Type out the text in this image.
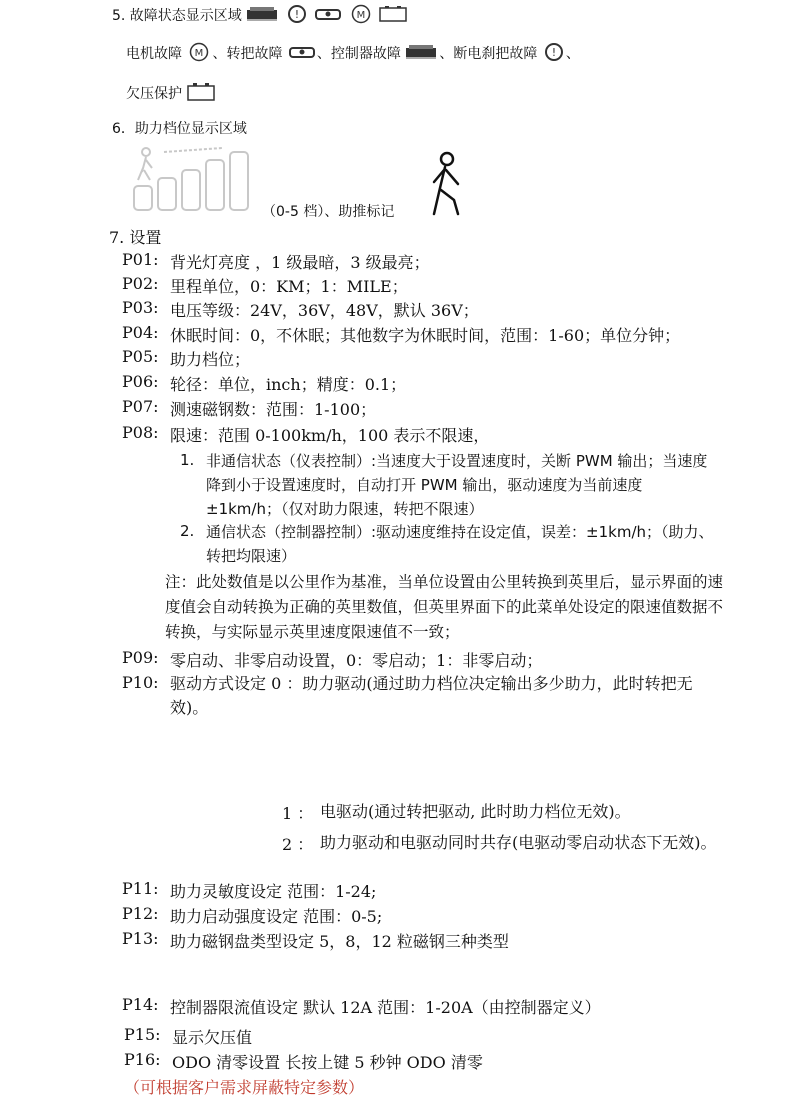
5. 故障状态显示区域	!
	M

电机故障 M 、转把故障 、控制器故障	、断电刹把故障 ! 、
欠压保护
6．助力档位显示区域
（0-5 档）、助推标记
7. 设置
P01: 背光灯亮度 ，1 级最暗，3 级最亮；
P02: 里程单位，0：KM；1：MILE；
P03: 电压等级：24V，36V，48V，默认 36V；
P04: 休眠时间：0，不休眠；其他数字为休眠时间，范围：1-60；单位分钟；
P05: 助力档位；
P06: 轮径：单位，inch；精度：0.1；
P07: 测速磁钢数：范围：1-100；
P08: 限速：范围 0-100km/h，100 表示不限速，
1. 非通信状态（仪表控制）:当速度大于设置速度时，关断 PWM 输出；当速度降到小于设置速度时，自动打开 PWM 输出，驱动速度为当前速度±1km/h；（仅对助力限速，转把不限速）
2. 通信状态（控制器控制）:驱动速度维持在设定值，误差：±1km/h；（助力、转把均限速）
注：此处数值是以公里作为基准，当单位设置由公里转换到英里后，显示界面的速度值会自动转换为正确的英里数值，但英里界面下的此菜单处设定的限速值数据不转换，与实际显示英里速度限速值不一致；
P09: 零启动、非零启动设置，0：零启动；1：非零启动；
P10: 驱动方式设定 0 ：助力驱动(通过助力档位决定输出多少助力，此时转把无效)。
1 ： 电驱动(通过转把驱动, 此时助力档位无效)。
2 ： 助力驱动和电驱动同时共存(电驱动零启动状态下无效)。
P11: 助力灵敏度设定 范围：1-24;
P12: 助力启动强度设定 范围：0-5;
P13: 助力磁钢盘类型设定 5，8，12 粒磁钢三种类型
P14: 控制器限流值设定 默认 12A 范围：1-20A（由控制器定义）
P15: 显示欠压值
P16: ODO 清零设置 长按上键 5 秒钟 ODO 清零
（可根据客户需求屏蔽特定参数）
